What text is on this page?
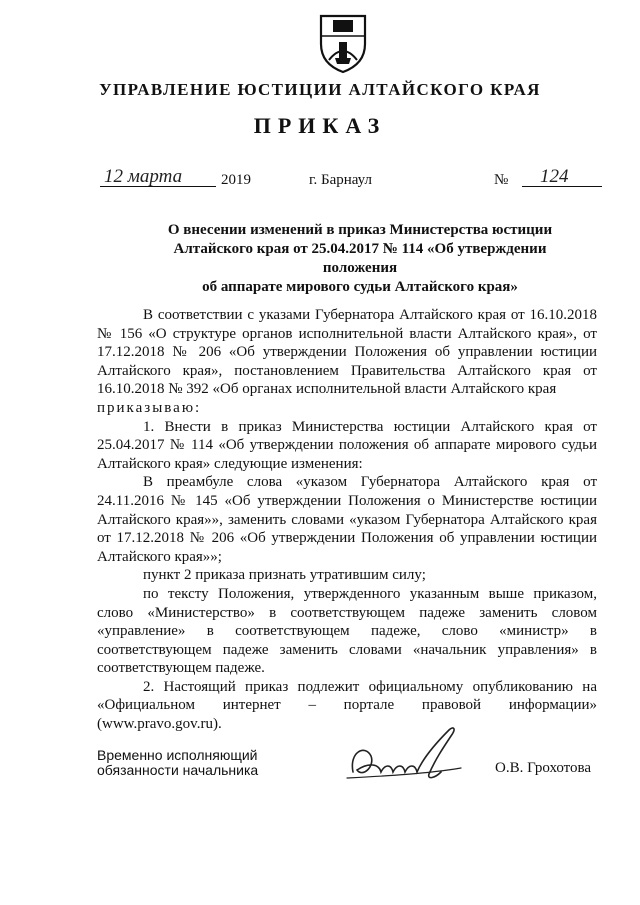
УПРАВЛЕНИЕ ЮСТИЦИИ АЛТАЙСКОГО КРАЯ
ПРИКАЗ
12 марта	2019	г. Барнаул	№ 124
О внесении изменений в приказ Министерства юстиции
Алтайского края от 25.04.2017 № 114 «Об утверждении положения
об аппарате мирового судьи Алтайского края»

В соответствии с указами Губернатора Алтайского края от 16.10.2018 № 156 «О структуре органов исполнительной власти Алтайского края», от 17.12.2018 № 206 «Об утверждении Положения об управлении юстиции Алтайского края», постановлением Правительства Алтайского края от 16.10.2018 № 392 «Об органах исполнительной власти Алтайского края

приказываю:

1. Внести в приказ Министерства юстиции Алтайского края от 25.04.2017 № 114 «Об утверждении положения об аппарате мирового судьи Алтайского края» следующие изменения:

В преамбуле слова «указом Губернатора Алтайского края от 24.11.2016 № 145 «Об утверждении Положения о Министерстве юстиции Алтайского края»», заменить словами «указом Губернатора Алтайского края от 17.12.2018 № 206 «Об утверждении Положения об управлении юстиции Алтайского края»»;

пункт 2 приказа признать утратившим силу;

по тексту Положения, утвержденного указанным выше приказом, слово «Министерство» в соответствующем падеже заменить словом «управление» в соответствующем падеже, слово «министр» в соответствующем падеже заменить словами «начальник управления» в соответствующем падеже.

2. Настоящий приказ подлежит официальному опубликованию на «Официальном интернет – портале правовой информации» (www.pravo.gov.ru).

Временно исполняющий
обязанности начальника	О.В. Грохотова
